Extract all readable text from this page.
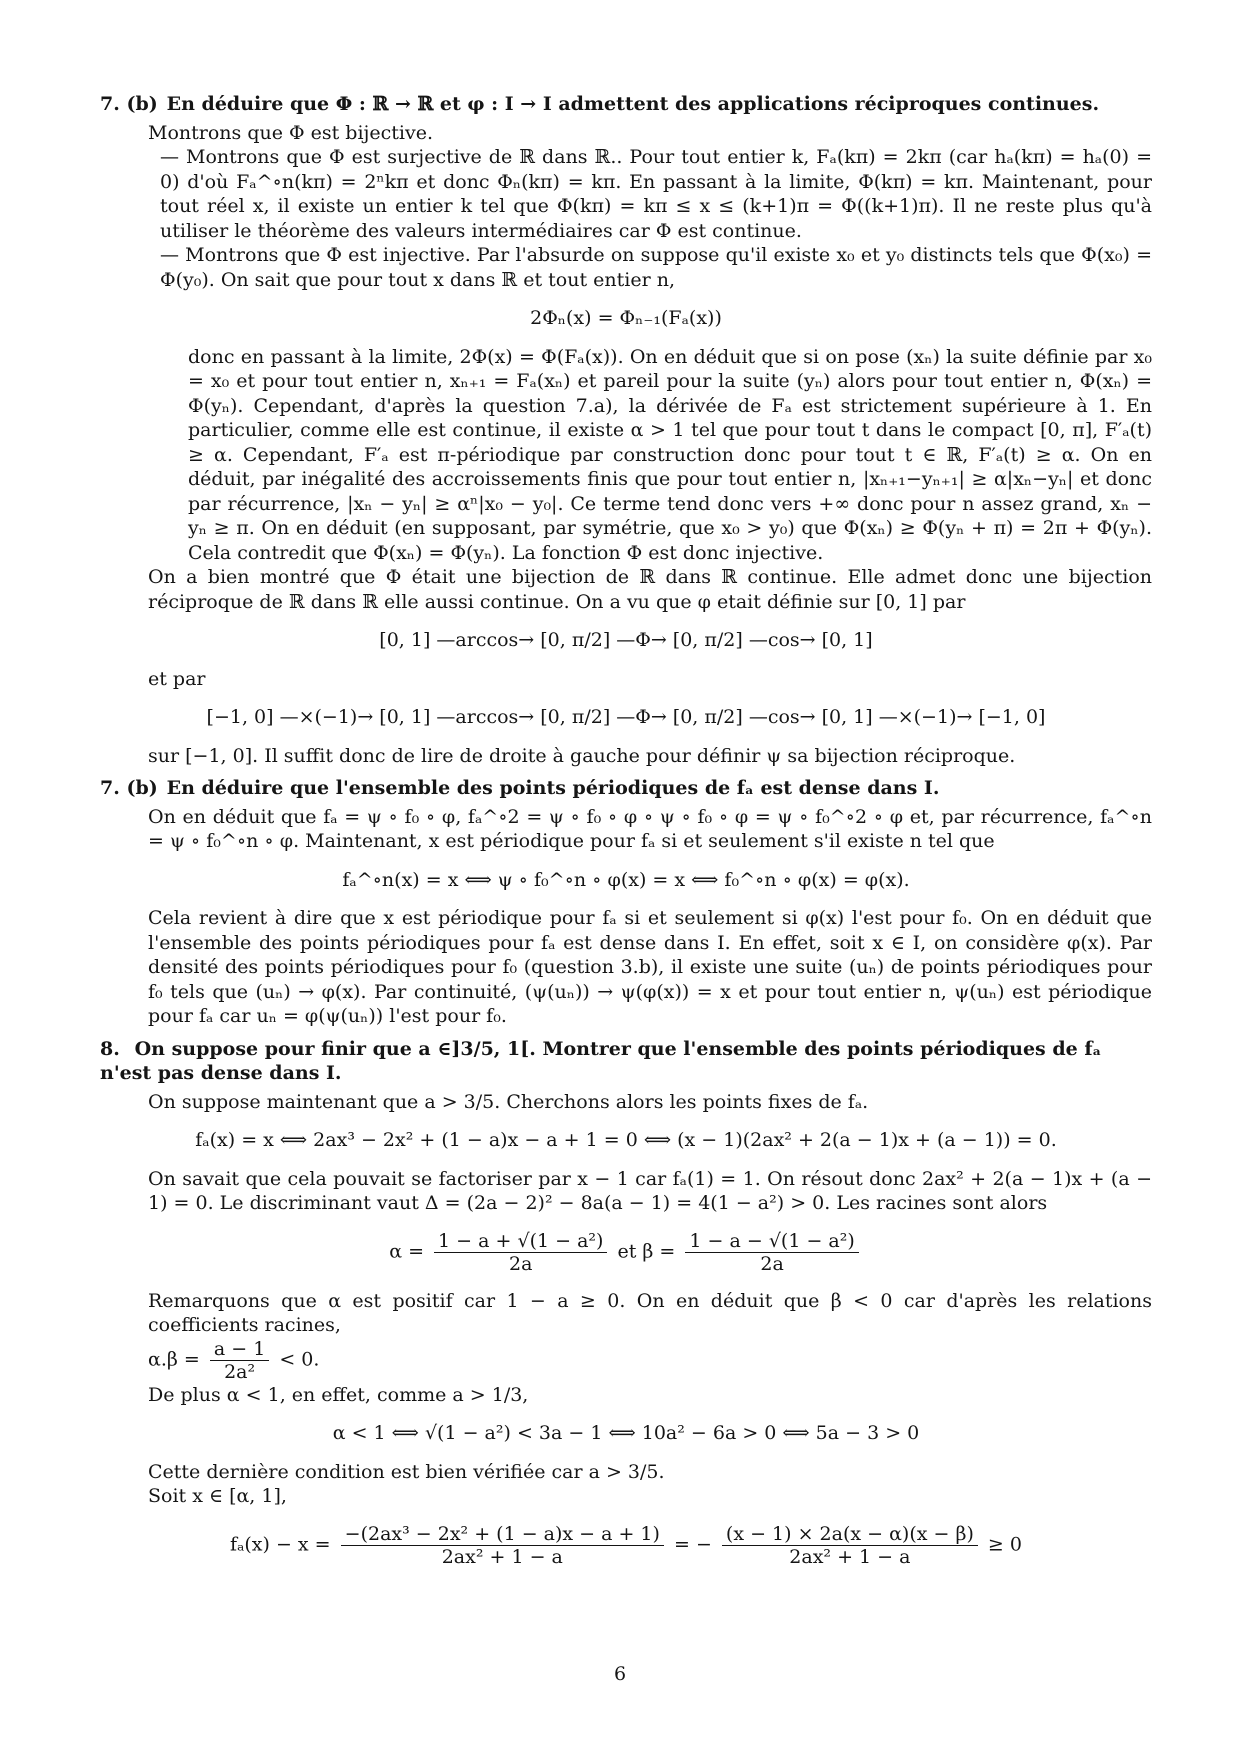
7. (b) En déduire que Φ : ℝ → ℝ et φ : I → I admettent des applications réciproques continues.

Montrons que Φ est bijective.

— Montrons que Φ est surjective de ℝ dans ℝ.. Pour tout entier k, Fₐ(kπ) = 2kπ (car hₐ(kπ) = hₐ(0) = 0) d'où Fₐ^∘n(kπ) = 2ⁿkπ et donc Φₙ(kπ) = kπ. En passant à la limite, Φ(kπ) = kπ. Maintenant, pour tout réel x, il existe un entier k tel que Φ(kπ) = kπ ≤ x ≤ (k+1)π = Φ((k+1)π). Il ne reste plus qu'à utiliser le théorème des valeurs intermédiaires car Φ est continue.

— Montrons que Φ est injective. Par l'absurde on suppose qu'il existe x₀ et y₀ distincts tels que Φ(x₀) = Φ(y₀). On sait que pour tout x dans ℝ et tout entier n,

2Φₙ(x) = Φₙ₋₁(Fₐ(x))

donc en passant à la limite, 2Φ(x) = Φ(Fₐ(x)). On en déduit que si on pose (xₙ) la suite définie par x₀ = x₀ et pour tout entier n, xₙ₊₁ = Fₐ(xₙ) et pareil pour la suite (yₙ) alors pour tout entier n, Φ(xₙ) = Φ(yₙ). Cependant, d'après la question 7.a), la dérivée de Fₐ est strictement supérieure à 1. En particulier, comme elle est continue, il existe α > 1 tel que pour tout t dans le compact [0, π], F′ₐ(t) ≥ α. Cependant, F′ₐ est π-périodique par construction donc pour tout t ∈ ℝ, F′ₐ(t) ≥ α. On en déduit, par inégalité des accroissements finis que pour tout entier n, |xₙ₊₁−yₙ₊₁| ≥ α|xₙ−yₙ| et donc par récurrence, |xₙ − yₙ| ≥ αⁿ|x₀ − y₀|. Ce terme tend donc vers +∞ donc pour n assez grand, xₙ − yₙ ≥ π. On en déduit (en supposant, par symétrie, que x₀ > y₀) que Φ(xₙ) ≥ Φ(yₙ + π) = 2π + Φ(yₙ). Cela contredit que Φ(xₙ) = Φ(yₙ). La fonction Φ est donc injective.

On a bien montré que Φ était une bijection de ℝ dans ℝ continue. Elle admet donc une bijection réciproque de ℝ dans ℝ elle aussi continue. On a vu que φ etait définie sur [0, 1] par

[0, 1] —arccos→ [0, π/2] —Φ→ [0, π/2] —cos→ [0, 1]

et par

[−1, 0] —×(−1)→ [0, 1] —arccos→ [0, π/2] —Φ→ [0, π/2] —cos→ [0, 1] —×(−1)→ [−1, 0]

sur [−1, 0]. Il suffit donc de lire de droite à gauche pour définir ψ sa bijection réciproque.

7. (b) En déduire que l'ensemble des points périodiques de fₐ est dense dans I.

On en déduit que fₐ = ψ ∘ f₀ ∘ φ, fₐ^∘2 = ψ ∘ f₀ ∘ φ ∘ ψ ∘ f₀ ∘ φ = ψ ∘ f₀^∘2 ∘ φ et, par récurrence, fₐ^∘n = ψ ∘ f₀^∘n ∘ φ. Maintenant, x est périodique pour fₐ si et seulement s'il existe n tel que

fₐ^∘n(x) = x ⟺ ψ ∘ f₀^∘n ∘ φ(x) = x ⟺ f₀^∘n ∘ φ(x) = φ(x).

Cela revient à dire que x est périodique pour fₐ si et seulement si φ(x) l'est pour f₀. On en déduit que l'ensemble des points périodiques pour fₐ est dense dans I. En effet, soit x ∈ I, on considère φ(x). Par densité des points périodiques pour f₀ (question 3.b), il existe une suite (uₙ) de points périodiques pour f₀ tels que (uₙ) → φ(x). Par continuité, (ψ(uₙ)) → ψ(φ(x)) = x et pour tout entier n, ψ(uₙ) est périodique pour fₐ car uₙ = φ(ψ(uₙ)) l'est pour f₀.

8. On suppose pour finir que a ∈]3/5, 1[. Montrer que l'ensemble des points périodiques de fₐ n'est pas dense dans I.

On suppose maintenant que a > 3/5. Cherchons alors les points fixes de fₐ.

fₐ(x) = x ⟺ 2ax³ − 2x² + (1 − a)x − a + 1 = 0 ⟺ (x − 1)(2ax² + 2(a − 1)x + (a − 1)) = 0.

On savait que cela pouvait se factoriser par x − 1 car fₐ(1) = 1. On résout donc 2ax² + 2(a − 1)x + (a − 1) = 0. Le discriminant vaut Δ = (2a − 2)² − 8a(a − 1) = 4(1 − a²) > 0. Les racines sont alors

$\alpha = \frac{\text{1 − a + √(1 − a²)}}{2a}$ et $\beta = \frac{\text{1 − a − √(1 − a²)}}{2a}$

Remarquons que α est positif car 1 − a ≥ 0. On en déduit que β < 0 car d'après les relations coefficients racines,

$\alpha.\beta = \frac{a - 1}{\text{2a²}} < 0$.

De plus α < 1, en effet, comme a > 1/3,

α < 1 ⟺ √(1 − a²) < 3a − 1 ⟺ 10a² − 6a > 0 ⟺ 5a − 3 > 0

Cette dernière condition est bien vérifiée car a > 3/5.

Soit x ∈ [α, 1],

$f_a(x) - x = \frac{\text{−(2ax³ − 2x² + (1 − a)x − a + 1)}}{\text{2ax² + 1 − a}}$ = − $\frac{(x - 1) \times 2a(x - \alpha)(x - \beta)}{\text{2ax² + 1 − a}} \ge 0$
6
